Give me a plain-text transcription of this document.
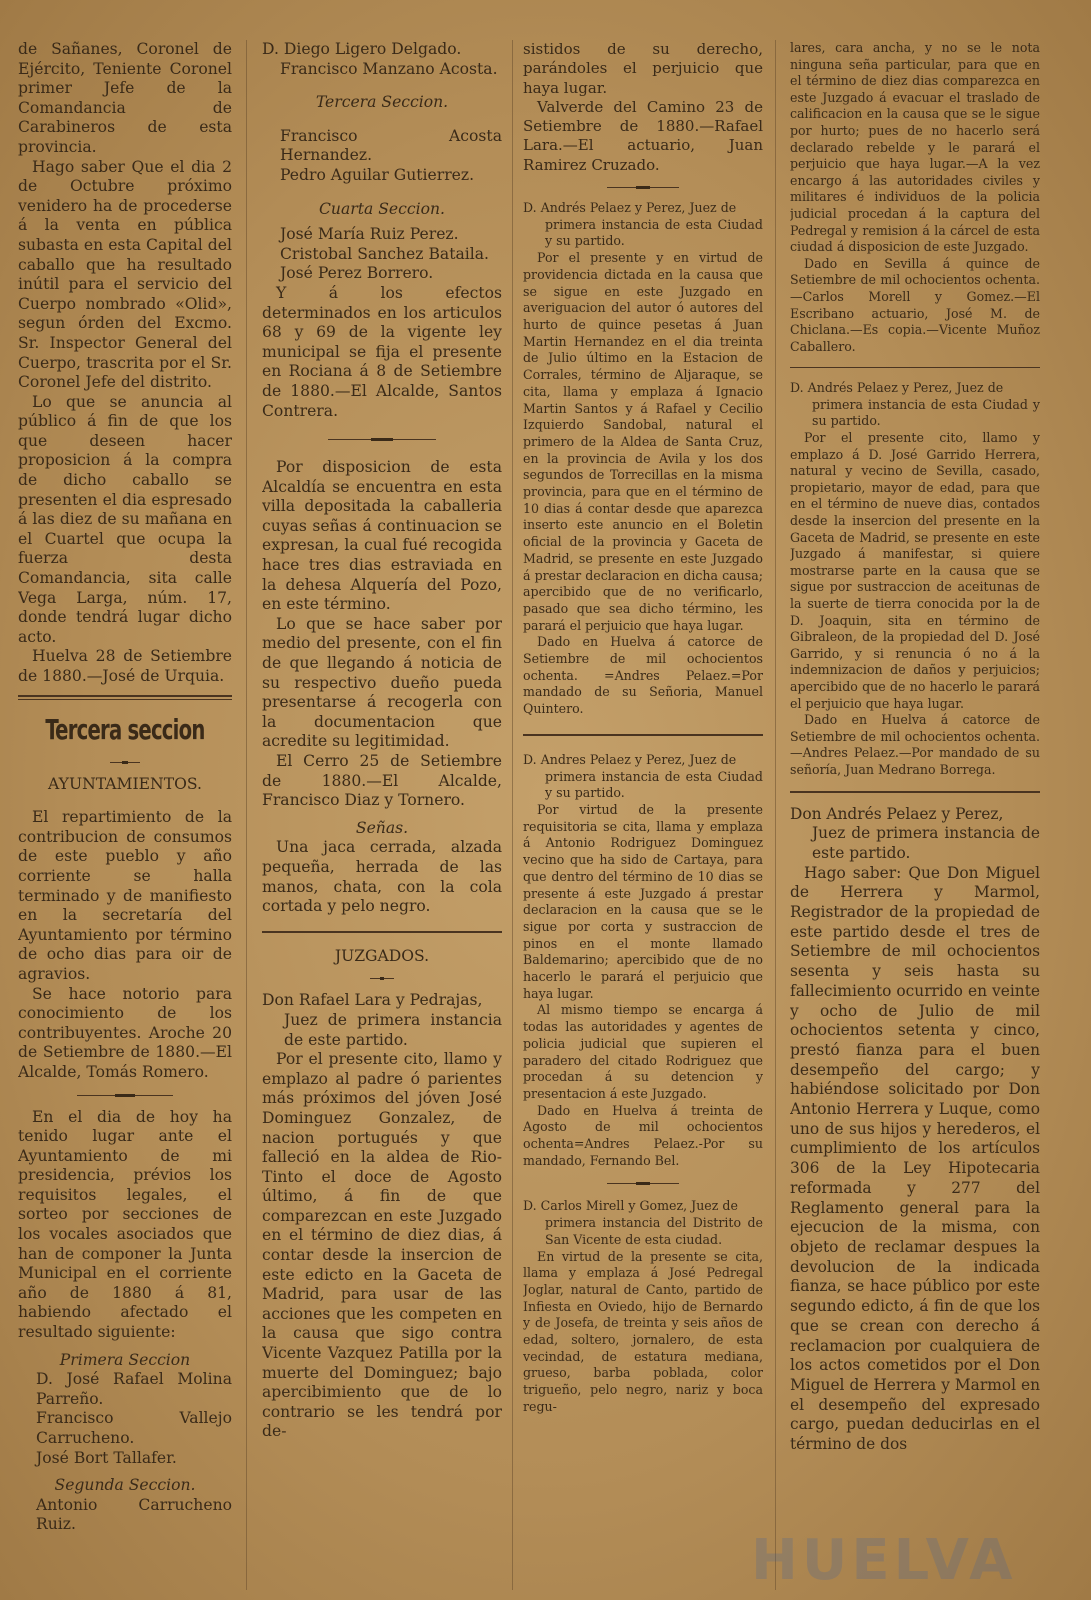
de Sañanes, Coronel de Ejército, Teniente Coronel primer Jefe de la Comandancia de Carabineros de esta provincia.

Hago saber Que el dia 2 de Octubre próximo venidero ha de procederse á la venta en pública subasta en esta Capital del caballo que ha resultado inútil para el servicio del Cuerpo nombrado «Olid», segun órden del Excmo. Sr. Inspector General del Cuerpo, trascrita por el Sr. Coronel Jefe del distrito.

Lo que se anuncia al público á fin de que los que deseen hacer proposicion á la compra de dicho caballo se presenten el dia espresado á las diez de su mañana en el Cuartel que ocupa la fuerza desta Comandancia, sita calle Vega Larga, núm. 17, donde tendrá lugar dicho acto.

Huelva 28 de Setiembre de 1880.—José de Urquia.

Tercera seccion

AYUNTAMIENTOS.

El repartimiento de la contribucion de consumos de este pueblo y año corriente se halla terminado y de manifiesto en la secretaría del Ayuntamiento por término de ocho dias para oir de agravios.

Se hace notorio para conocimiento de los contribuyentes. Aroche 20 de Setiembre de 1880.—El Alcalde, Tomás Romero.

En el dia de hoy ha tenido lugar ante el Ayuntamiento de mi presidencia, prévios los requisitos legales, el sorteo por secciones de los vocales asociados que han de componer la Junta Municipal en el corriente año de 1880 á 81, habiendo afectado el resultado siguiente:

Primera Seccion

D. José Rafael Molina Parreño.

Francisco Vallejo Carrucheno.

José Bort Tallafer.

Segunda Seccion.

Antonio Carrucheno Ruiz.

D. Diego Ligero Delgado.

Francisco Manzano Acosta.

Tercera Seccion.

Francisco Acosta Hernandez.

Pedro Aguilar Gutierrez.

Cuarta Seccion.

José María Ruiz Perez.

Cristobal Sanchez Bataila.

José Perez Borrero.

Y á los efectos determinados en los articulos 68 y 69 de la vigente ley municipal se fija el presente en Rociana á 8 de Setiembre de 1880.—El Alcalde, Santos Contrera.

Por disposicion de esta Alcaldía se encuentra en esta villa depositada la caballeria cuyas señas á continuacion se expresan, la cual fué recogida hace tres dias estraviada en la dehesa Alquería del Pozo, en este término.

Lo que se hace saber por medio del presente, con el fin de que llegando á noticia de su respectivo dueño pueda presentarse á recogerla con la documentacion que acredite su legitimidad.

El Cerro 25 de Setiembre de 1880.—El Alcalde, Francisco Diaz y Tornero.

Señas.

Una jaca cerrada, alzada pequeña, herrada de las manos, chata, con la cola cortada y pelo negro.

JUZGADOS.

Don Rafael Lara y Pedrajas,
Juez de primera instancia de este partido.

Por el presente cito, llamo y emplazo al padre ó parientes más próximos del jóven José Dominguez Gonzalez, de nacion portugués y que falleció en la aldea de Rio-Tinto el doce de Agosto último, á fin de que comparezcan en este Juzgado en el término de diez dias, á contar desde la insercion de este edicto en la Gaceta de Madrid, para usar de las acciones que les competen en la causa que sigo contra Vicente Vazquez Patilla por la muerte del Dominguez; bajo apercibimiento que de lo contrario se les tendrá por de-

sistidos de su derecho, parándoles el perjuicio que haya lugar.

Valverde del Camino 23 de Setiembre de 1880.—Rafael Lara.—El actuario, Juan Ramirez Cruzado.

D. Andrés Pelaez y Perez, Juez de
primera instancia de esta Ciudad y su partido.

Por el presente y en virtud de providencia dictada en la causa que se sigue en este Juzgado en averiguacion del autor ó autores del hurto de quince pesetas á Juan Martin Hernandez en el dia treinta de Julio último en la Estacion de Corrales, término de Aljaraque, se cita, llama y emplaza á Ignacio Martin Santos y á Rafael y Cecilio Izquierdo Sandobal, natural el primero de la Aldea de Santa Cruz, en la provincia de Avila y los dos segundos de Torrecillas en la misma provincia, para que en el término de 10 dias á contar desde que aparezca inserto este anuncio en el Boletin oficial de la provincia y Gaceta de Madrid, se presente en este Juzgado á prestar declaracion en dicha causa; apercibido que de no verificarlo, pasado que sea dicho término, les parará el perjuicio que haya lugar.

Dado en Huelva á catorce de Setiembre de mil ochocientos ochenta. =Andres Pelaez.=Por mandado de su Señoria, Manuel Quintero.

D. Andres Pelaez y Perez, Juez de
primera instancia de esta Ciudad y su partido.

Por virtud de la presente requisitoria se cita, llama y emplaza á Antonio Rodriguez Dominguez vecino que ha sido de Cartaya, para que dentro del término de 10 dias se presente á este Juzgado á prestar declaracion en la causa que se le sigue por corta y sustraccion de pinos en el monte llamado Baldemarino; apercibido que de no hacerlo le parará el perjuicio que haya lugar.

Al mismo tiempo se encarga á todas las autoridades y agentes de policia judicial que supieren el paradero del citado Rodriguez que procedan á su detencion y presentacion á este Juzgado.

Dado en Huelva á treinta de Agosto de mil ochocientos ochenta=Andres Pelaez.-Por su mandado, Fernando Bel.

D. Carlos Mirell y Gomez, Juez de
primera instancia del Distrito de San Vicente de esta ciudad.

En virtud de la presente se cita, llama y emplaza á José Pedregal Joglar, natural de Canto, partido de Infiesta en Oviedo, hijo de Bernardo y de Josefa, de treinta y seis años de edad, soltero, jornalero, de esta vecindad, de estatura mediana, grueso, barba poblada, color trigueño, pelo negro, nariz y boca regu-

lares, cara ancha, y no se le nota ninguna seña particular, para que en el término de diez dias comparezca en este Juzgado á evacuar el traslado de calificacion en la causa que se le sigue por hurto; pues de no hacerlo será declarado rebelde y le parará el perjuicio que haya lugar.—A la vez encargo á las autoridades civiles y militares é individuos de la policia judicial procedan á la captura del Pedregal y remision á la cárcel de esta ciudad á disposicion de este Juzgado.

Dado en Sevilla á quince de Setiembre de mil ochocientos ochenta. —Carlos Morell y Gomez.—El Escribano actuario, José M. de Chiclana.—Es copia.—Vicente Muñoz Caballero.

D. Andrés Pelaez y Perez, Juez de
primera instancia de esta Ciudad y su partido.

Por el presente cito, llamo y emplazo á D. José Garrido Herrera, natural y vecino de Sevilla, casado, propietario, mayor de edad, para que en el término de nueve dias, contados desde la insercion del presente en la Gaceta de Madrid, se presente en este Juzgado á manifestar, si quiere mostrarse parte en la causa que se sigue por sustraccion de aceitunas de la suerte de tierra conocida por la de D. Joaquin, sita en término de Gibraleon, de la propiedad del D. José Garrido, y si renuncia ó no á la indemnizacion de daños y perjuicios; apercibido que de no hacerlo le parará el perjuicio que haya lugar.

Dado en Huelva á catorce de Setiembre de mil ochocientos ochenta. —Andres Pelaez.—Por mandado de su señoría, Juan Medrano Borrega.

Don Andrés Pelaez y Perez,
Juez de primera instancia de este partido.

Hago saber: Que Don Miguel de Herrera y Marmol, Registrador de la propiedad de este partido desde el tres de Setiembre de mil ochocientos sesenta y seis hasta su fallecimiento ocurrido en veinte y ocho de Julio de mil ochocientos setenta y cinco, prestó fianza para el buen desempeño del cargo; y habiéndose solicitado por Don Antonio Herrera y Luque, como uno de sus hijos y herederos, el cumplimiento de los artículos 306 de la Ley Hipotecaria reformada y 277 del Reglamento general para la ejecucion de la misma, con objeto de reclamar despues la devolucion de la indicada fianza, se hace público por este segundo edicto, á fin de que los que se crean con derecho á reclamacion por cualquiera de los actos cometidos por el Don Miguel de Herrera y Marmol en el desempeño del expresado cargo, puedan deducirlas en el término de dos

HUELVA
